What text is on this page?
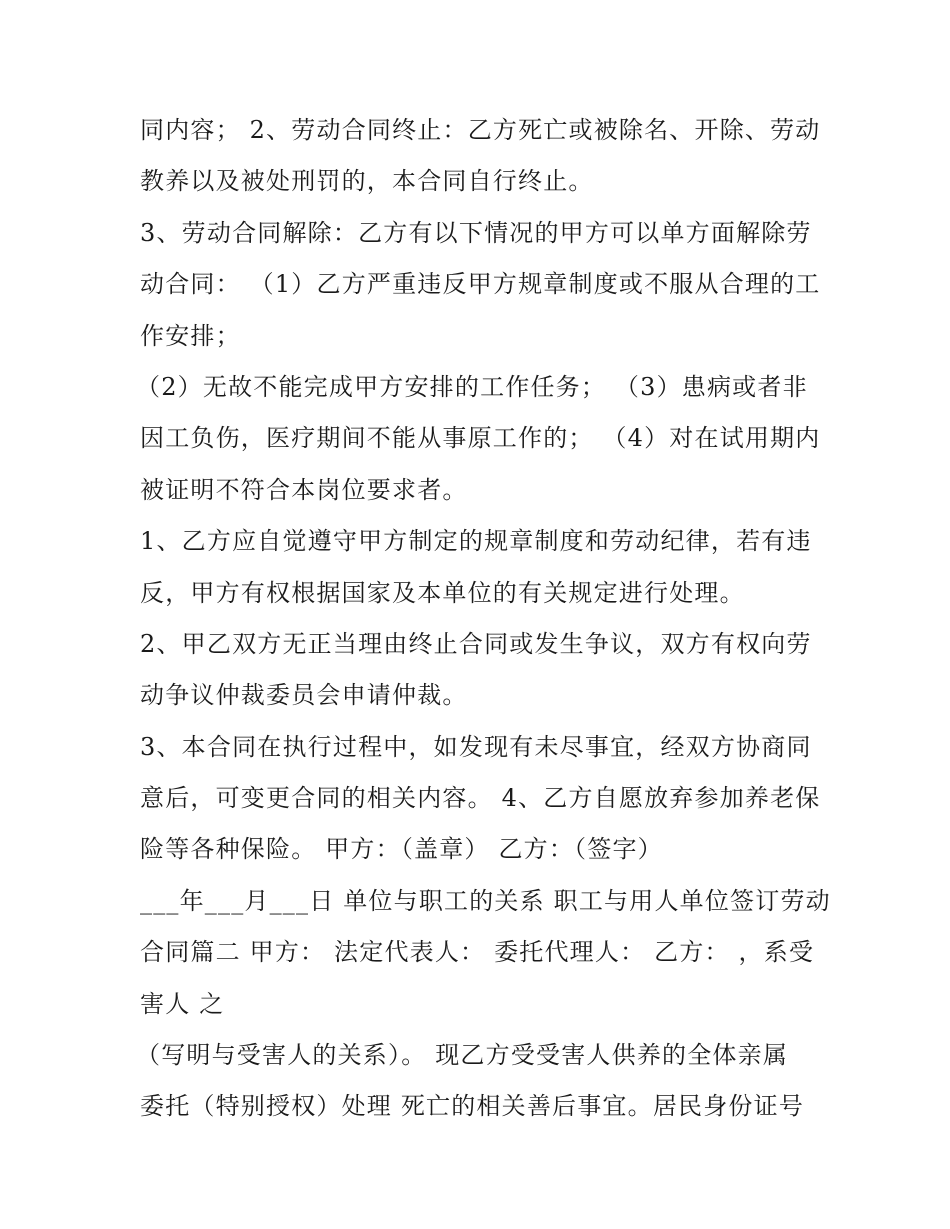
同内容； 2、劳动合同终止：乙方死亡或被除名、开除、劳动
教养以及被处刑罚的，本合同自行终止。
3、劳动合同解除：乙方有以下情况的甲方可以单方面解除劳
动合同： （1）乙方严重违反甲方规章制度或不服从合理的工
作安排；
（2）无故不能完成甲方安排的工作任务； （3）患病或者非
因工负伤，医疗期间不能从事原工作的； （4）对在试用期内
被证明不符合本岗位要求者。
1、乙方应自觉遵守甲方制定的规章制度和劳动纪律，若有违
反，甲方有权根据国家及本单位的有关规定进行处理。
2、甲乙双方无正当理由终止合同或发生争议，双方有权向劳
动争议仲裁委员会申请仲裁。
3、本合同在执行过程中，如发现有未尽事宜，经双方协商同
意后，可变更合同的相关内容。 4、乙方自愿放弃参加养老保
险等各种保险。 甲方：（盖章） 乙方：（签字）
___年___月___日 单位与职工的关系 职工与用人单位签订劳动
合同篇二 甲方： 法定代表人： 委托代理人： 乙方： ，系受
害人 之
（写明与受害人的关系）。 现乙方受受害人供养的全体亲属
委托（特别授权）处理 死亡的相关善后事宜。居民身份证号
